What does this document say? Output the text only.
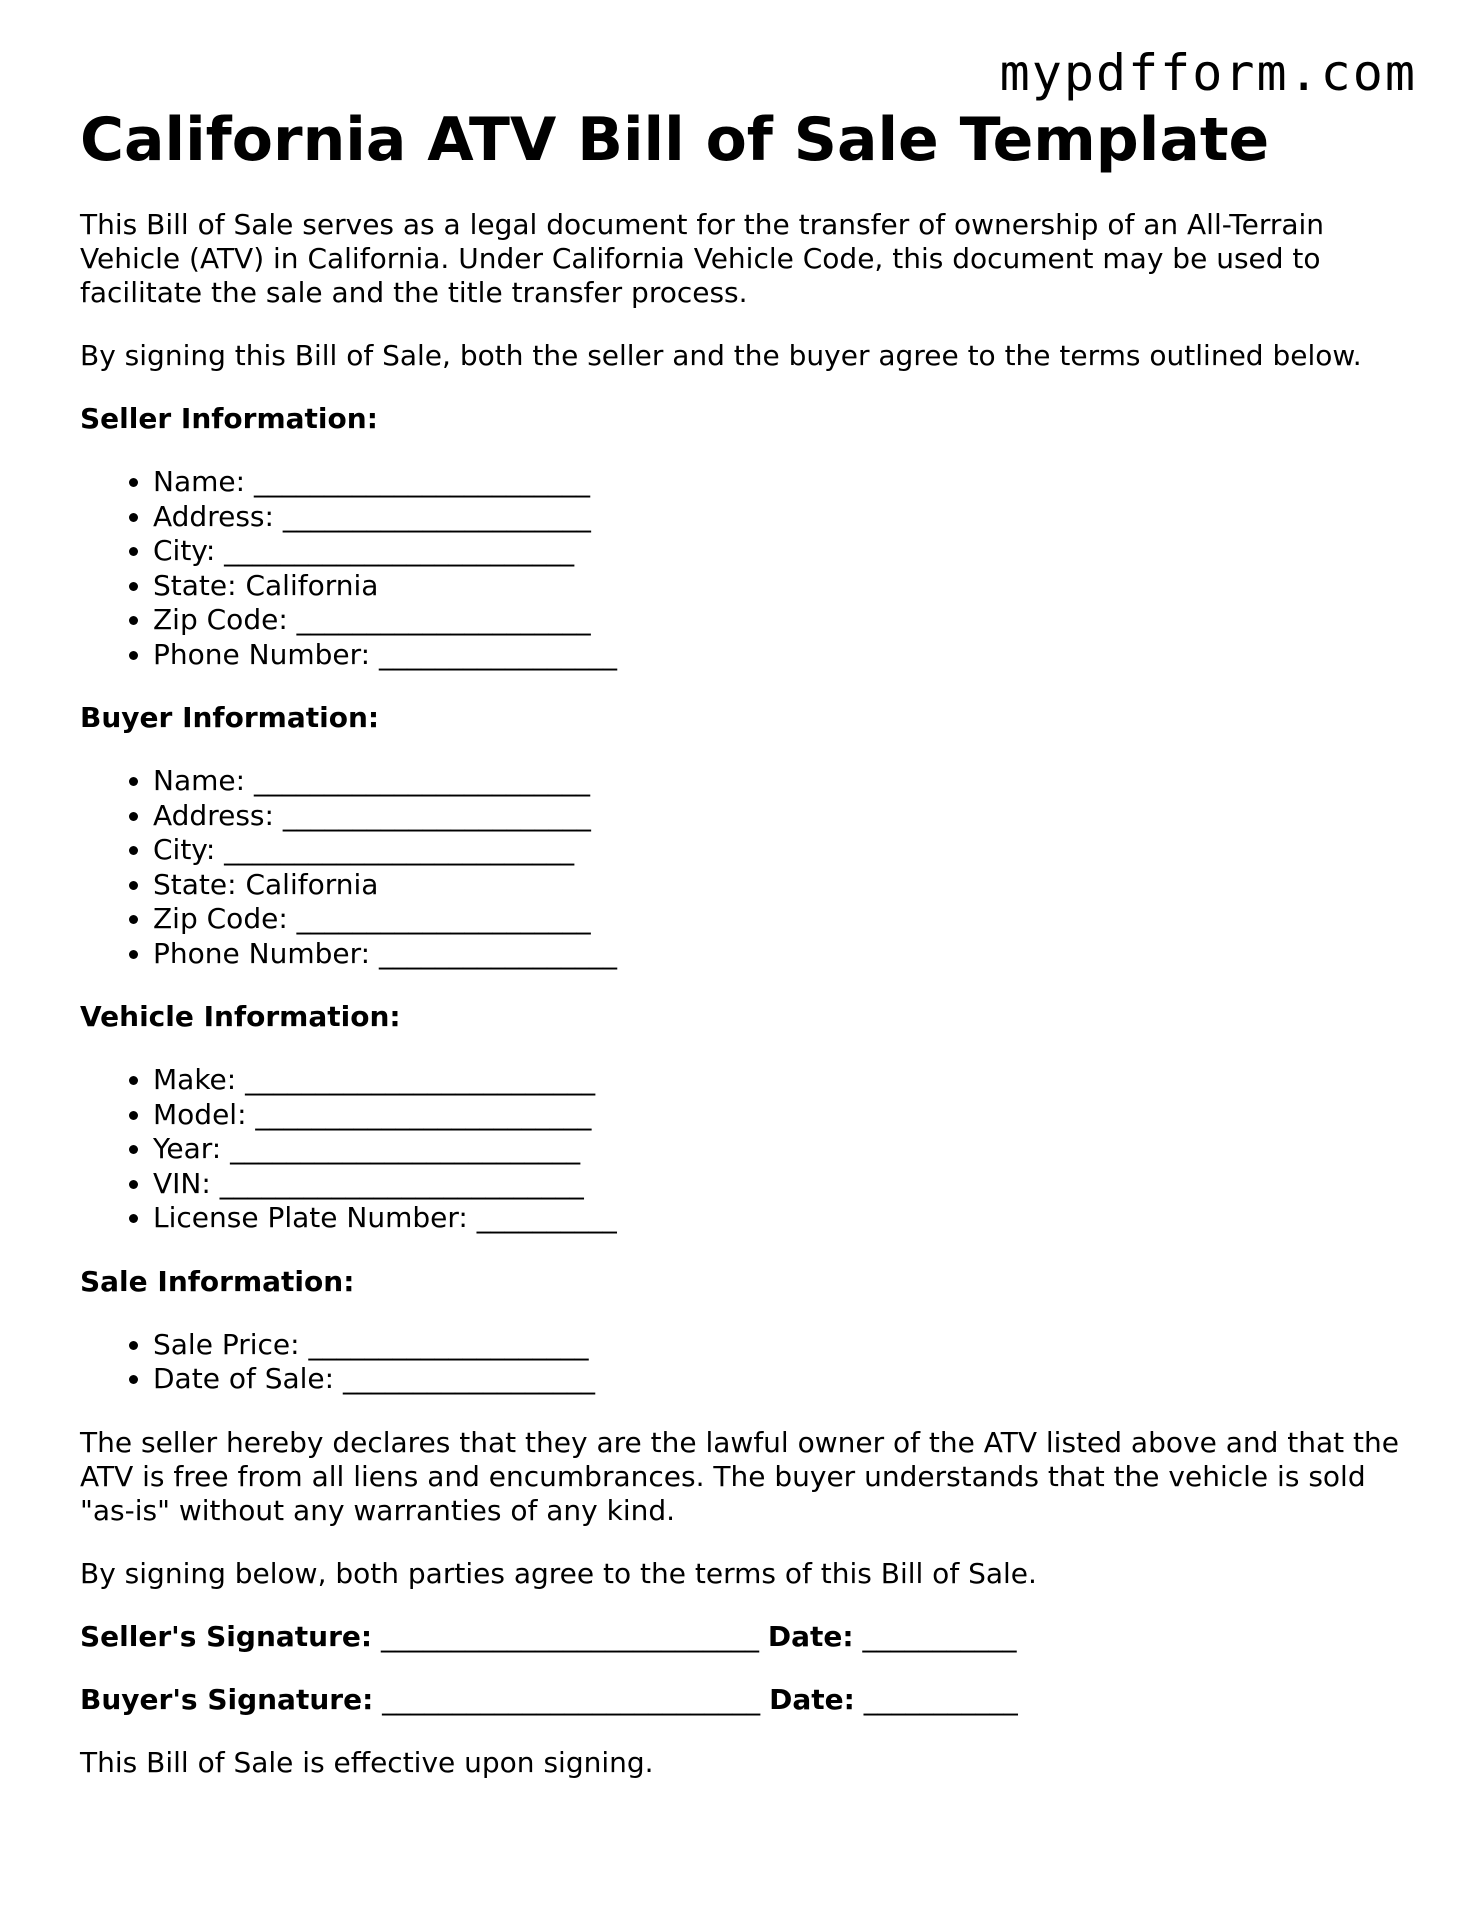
mypdfform.com
California ATV Bill of Sale Template

This Bill of Sale serves as a legal document for the transfer of ownership of an All-Terrain Vehicle (ATV) in California. Under California Vehicle Code, this document may be used to facilitate the sale and the title transfer process.

By signing this Bill of Sale, both the seller and the buyer agree to the terms outlined below.

Seller Information:
• Name: ________________________
• Address: ______________________
• City: _________________________
• State: California
• Zip Code: _____________________
• Phone Number: _________________
Buyer Information:
• Name: ________________________
• Address: ______________________
• City: _________________________
• State: California
• Zip Code: _____________________
• Phone Number: _________________
Vehicle Information:
• Make: _________________________
• Model: ________________________
• Year: _________________________
• VIN: __________________________
• License Plate Number: __________
Sale Information:
• Sale Price: ____________________
• Date of Sale: __________________

The seller hereby declares that they are the lawful owner of the ATV listed above and that the ATV is free from all liens and encumbrances. The buyer understands that the vehicle is sold "as-is" without any warranties of any kind.

By signing below, both parties agree to the terms of this Bill of Sale.

Seller's Signature: ___________________________ Date: ___________
Buyer's Signature: ___________________________ Date: ___________

This Bill of Sale is effective upon signing.
